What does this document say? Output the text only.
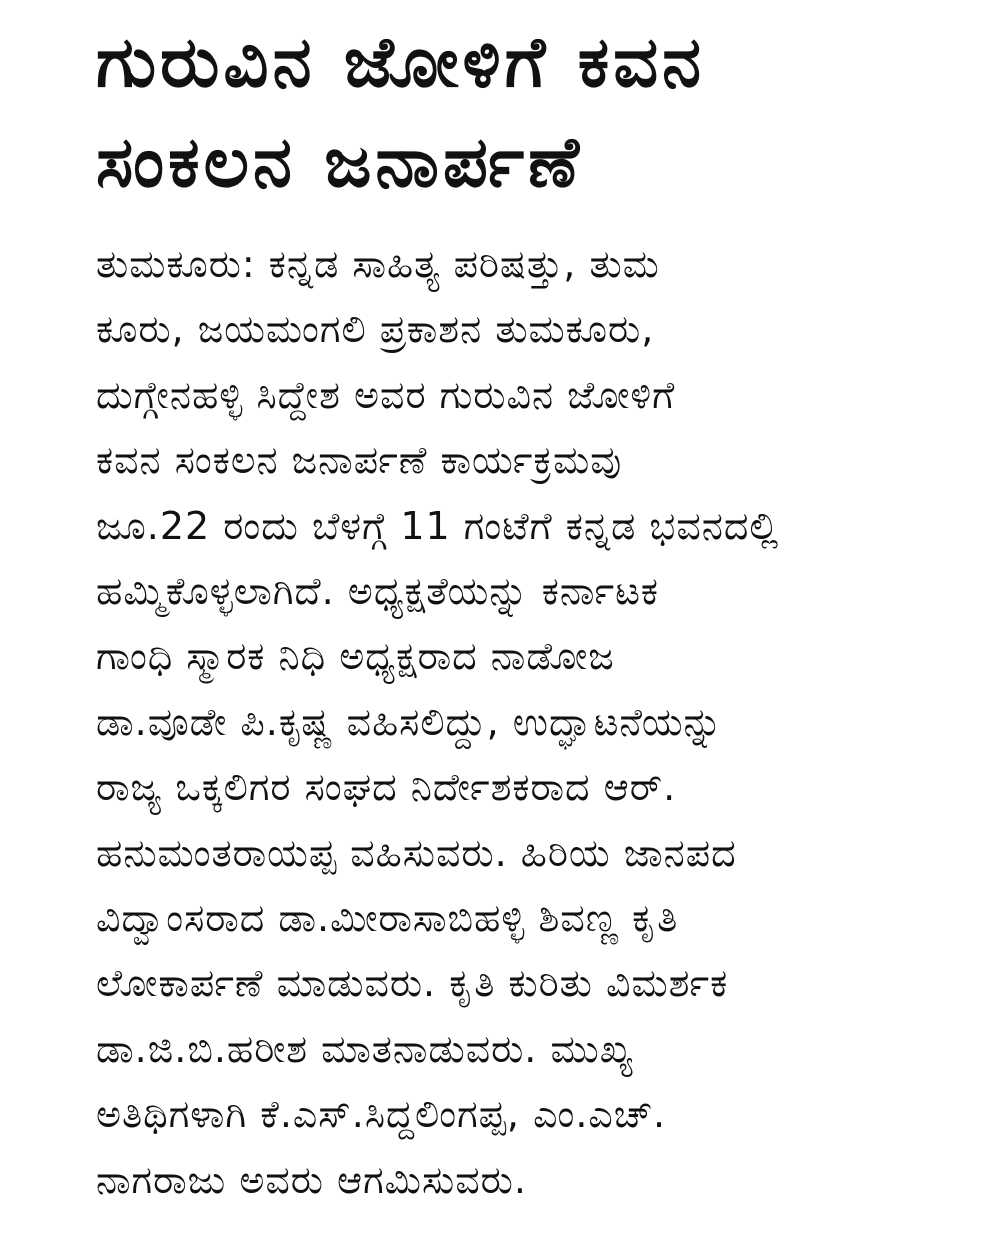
ಗುರುವಿನ ಜೋಳಿಗೆ ಕವನ
ಸಂಕಲನ ಜನಾರ್ಪಣೆ
ತುಮಕೂರು: ಕನ್ನಡ ಸಾಹಿತ್ಯ ಪರಿಷತ್ತು, ತುಮ
ಕೂರು, ಜಯಮಂಗಲಿ ಪ್ರಕಾಶನ ತುಮಕೂರು,
ದುಗ್ಗೇನಹಳ್ಳಿ ಸಿದ್ದೇಶ ಅವರ ಗುರುವಿನ ಜೋಳಿಗೆ
ಕವನ ಸಂಕಲನ ಜನಾರ್ಪಣೆ ಕಾರ್ಯಕ್ರಮವು
ಜೂ.22 ರಂದು ಬೆಳಗ್ಗೆ 11 ಗಂಟೆಗೆ ಕನ್ನಡ ಭವನದಲ್ಲಿ
ಹಮ್ಮಿಕೊಳ್ಳಲಾಗಿದೆ. ಅಧ್ಯಕ್ಷತೆಯನ್ನು ಕರ್ನಾಟಕ
ಗಾಂಧಿ ಸ್ಮಾರಕ ನಿಧಿ ಅಧ್ಯಕ್ಷರಾದ ನಾಡೋಜ
ಡಾ.ವೂಡೇ ಪಿ.ಕೃಷ್ಣ ವಹಿಸಲಿದ್ದು, ಉದ್ಘಾಟನೆಯನ್ನು
ರಾಜ್ಯ ಒಕ್ಕಲಿಗರ ಸಂಘದ ನಿರ್ದೇಶಕರಾದ ಆರ್.
ಹನುಮಂತರಾಯಪ್ಪ ವಹಿಸುವರು. ಹಿರಿಯ ಜಾನಪದ
ವಿದ್ವಾಂಸರಾದ ಡಾ.ಮೀರಾಸಾಬಿಹಳ್ಳಿ ಶಿವಣ್ಣ ಕೃತಿ
ಲೋಕಾರ್ಪಣೆ ಮಾಡುವರು. ಕೃತಿ ಕುರಿತು ವಿಮರ್ಶಕ
ಡಾ.ಜಿ.ಬಿ.ಹರೀಶ ಮಾತನಾಡುವರು. ಮುಖ್ಯ
ಅತಿಥಿಗಳಾಗಿ ಕೆ.ಎಸ್.ಸಿದ್ದಲಿಂಗಪ್ಪ, ಎಂ.ಎಚ್.
ನಾಗರಾಜು ಅವರು ಆಗಮಿಸುವರು.
